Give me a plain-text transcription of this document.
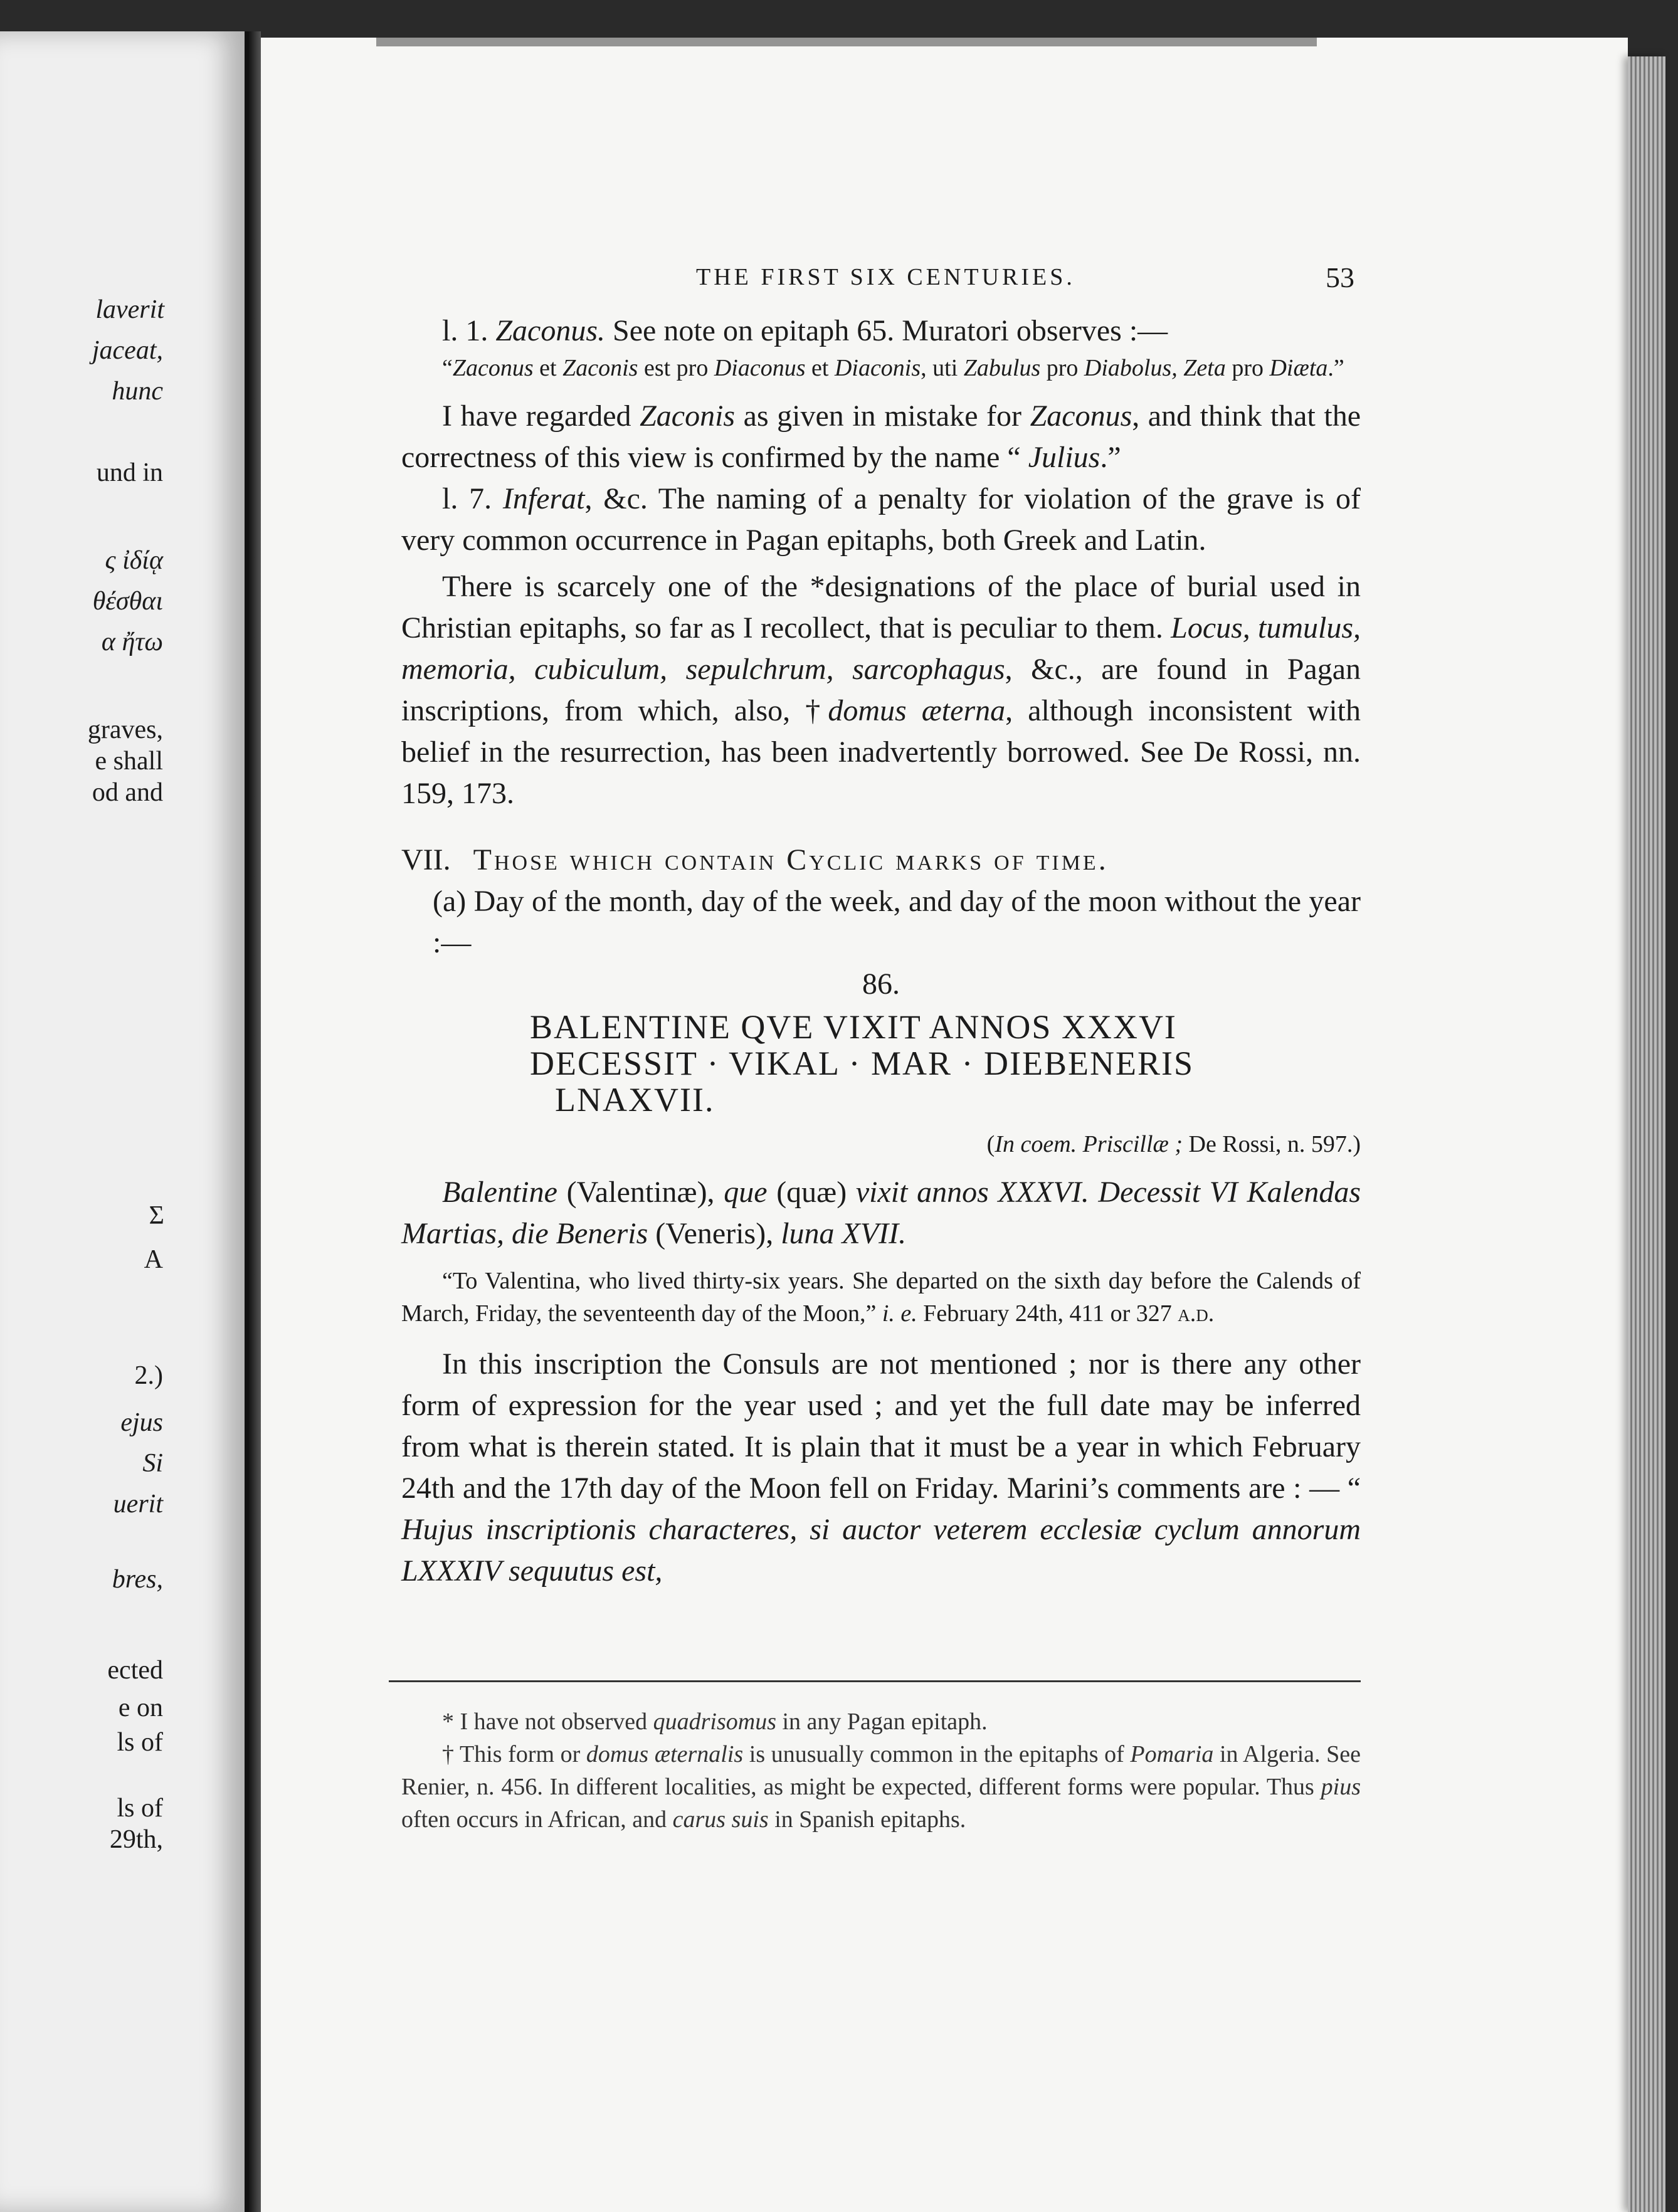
laverit
jaceat,
hunc
und in
ς ἰδίᾳ
θέσθαι
α ἤτω
graves,
e shall
od and
Σ
A
2.)
ejus
Si
uerit
bres,
ected
e on
ls of
ls of
29th,
THE FIRST SIX CENTURIES.	53

l. 1. Zaconus. See note on epitaph 65. Muratori observes :—

“Zaconus et Zaconis est pro Diaconus et Diaconis, uti Zabulus pro Diabolus, Zeta pro Diæta.”

I have regarded Zaconis as given in mistake for Zaconus, and think that the correctness of this view is confirmed by the name “ Julius.”

l. 7. Inferat, &c. The naming of a penalty for violation of the grave is of very common occurrence in Pagan epitaphs, both Greek and Latin.

There is scarcely one of the *designations of the place of burial used in Christian epitaphs, so far as I recollect, that is peculiar to them. Locus, tumulus, memoria, cubiculum, sepulchrum, sarcophagus, &c., are found in Pagan inscriptions, from which, also, †domus æterna, although inconsistent with belief in the resurrection, has been inadvertently borrowed. See De Rossi, nn. 159, 173.

VII. Those which contain Cyclic marks of time.

(a) Day of the month, day of the week, and day of the moon without the year :—

86.

BALENTINE QVE VIXIT ANNOS XXXVI

DECESSIT · VIKAL · MAR · DIEBENERIS

LNAXVII.

(In coem. Priscillæ ; De Rossi, n. 597.)

Balentine (Valentinæ), que (quæ) vixit annos XXXVI. Decessit VI Kalendas Martias, die Beneris (Veneris), luna XVII.

“To Valentina, who lived thirty-six years. She departed on the sixth day before the Calends of March, Friday, the seventeenth day of the Moon,” i. e. February 24th, 411 or 327 a.d.

In this inscription the Consuls are not mentioned ; nor is there any other form of expression for the year used ; and yet the full date may be inferred from what is therein stated. It is plain that it must be a year in which February 24th and the 17th day of the Moon fell on Friday. Marini’s comments are : — “ Hujus inscriptionis characteres, si auctor veterem ecclesiæ cyclum annorum LXXXIV sequutus est,

* I have not observed quadrisomus in any Pagan epitaph.

† This form or domus æternalis is unusually common in the epitaphs of Pomaria in Algeria. See Renier, n. 456. In different localities, as might be expected, different forms were popular. Thus pius often occurs in African, and carus suis in Spanish epitaphs.
